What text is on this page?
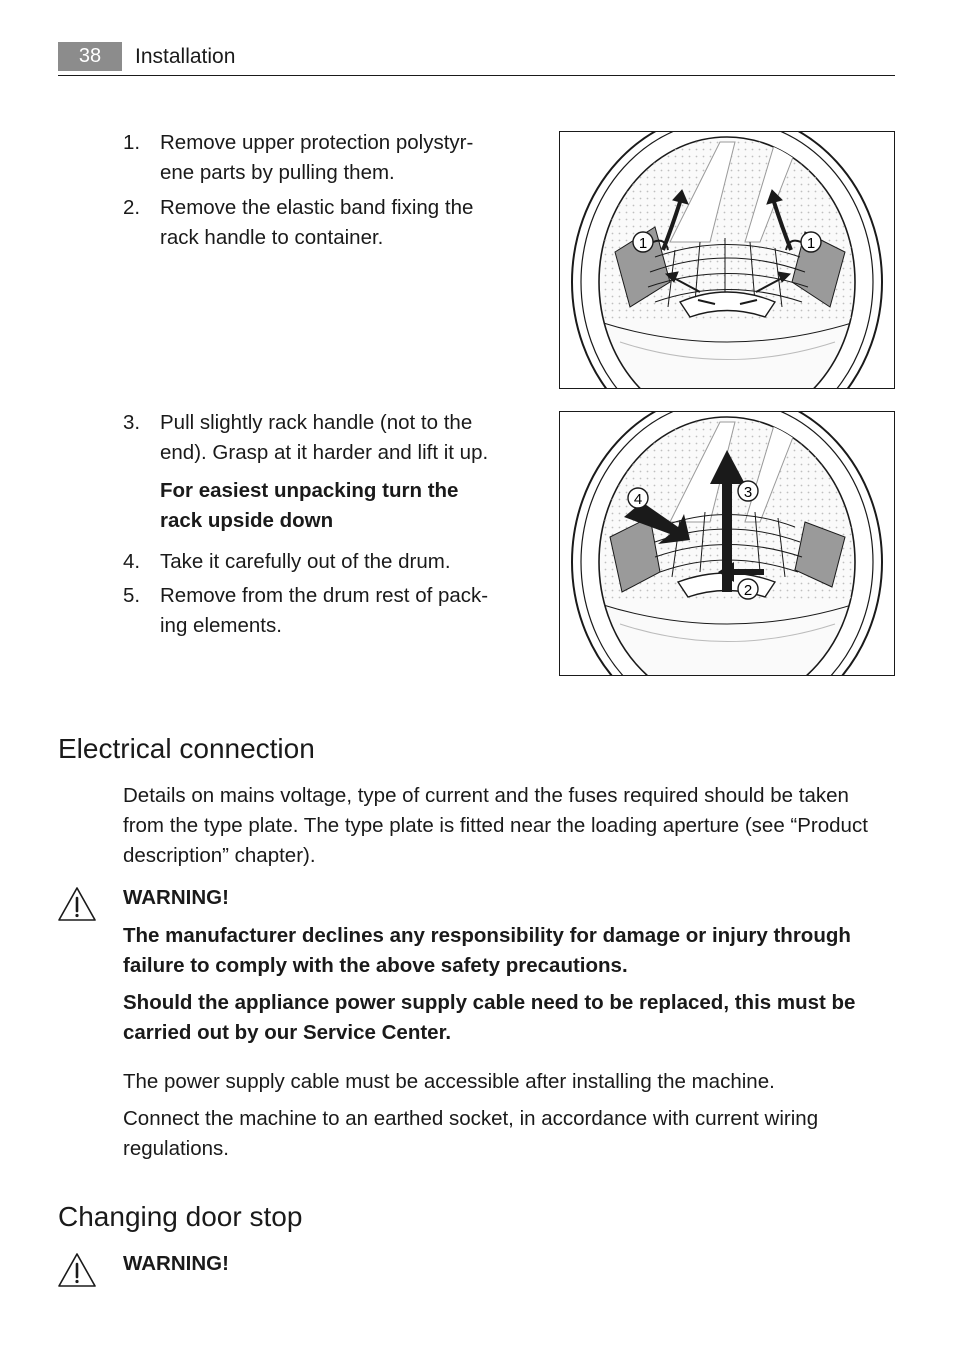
38	Installation
1. Remove upper protection polystyr-
ene parts by pulling them.
2. Remove the elastic band fixing the
rack handle to container.	1	1
3. Pull slightly rack handle (not to the
end). Grasp at it harder and lift it up.
For easiest unpacking turn the
rack upside down
4. Take it carefully out of the drum.
5. Remove from the drum rest of pack-
ing elements.
4	3
2
Electrical connection
Details on mains voltage, type of current and the fuses required should be taken
from the type plate. The type plate is fitted near the loading aperture (see “Product
description” chapter).
WARNING!
The manufacturer declines any responsibility for damage or injury through
failure to comply with the above safety precautions.
Should the appliance power supply cable need to be replaced, this must be
carried out by our Service Center.
The power supply cable must be accessible after installing the machine.
Connect the machine to an earthed socket, in accordance with current wiring
regulations.
Changing door stop
WARNING!
